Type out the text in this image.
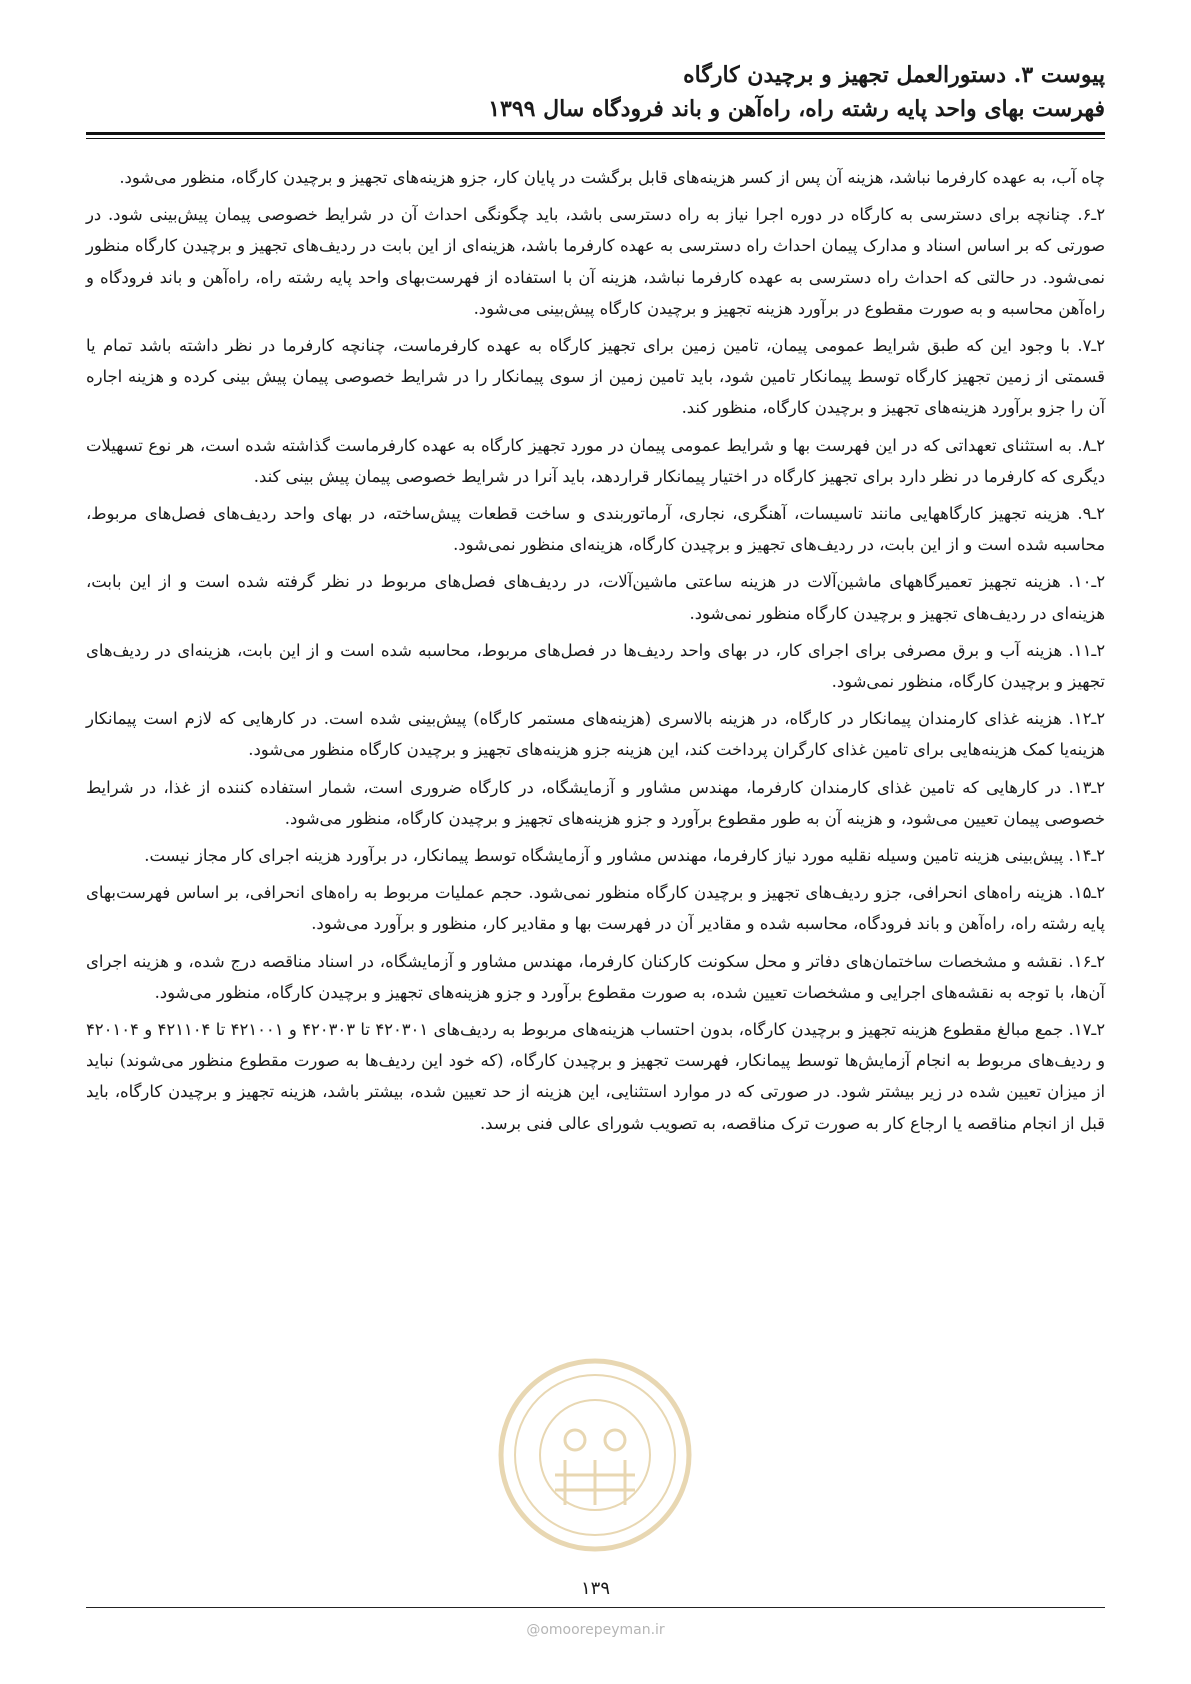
پیوست ۳. دستورالعمل تجهیز و برچیدن کارگاه
فهرست بهای واحد پایه رشته راه، راه‌آهن و باند فرودگاه سال ۱۳۹۹

چاه آب، به عهده کارفرما نباشد، هزینه آن پس از کسر هزینه‌های قابل برگشت در پایان کار، جزو هزینه‌های تجهیز و برچیدن کارگاه، منظور می‌شود.

۲ـ۶. چنانچه برای دسترسی به کارگاه در دوره اجرا نیاز به راه دسترسی باشد، باید چگونگی احداث آن در شرایط خصوصی پیمان پیش‌بینی شود. در صورتی که بر اساس اسناد و مدارک پیمان احداث راه دسترسی به عهده کارفرما باشد، هزینه‌ای از این بابت در ردیف‌های تجهیز و برچیدن کارگاه منظور نمی‌شود. در حالتی که احداث راه دسترسی به عهده کارفرما نباشد، هزینه آن با استفاده از فهرست‌بهای واحد پایه رشته راه، راه‌آهن و باند فرودگاه و راه‌آهن محاسبه و به صورت مقطوع در برآورد هزینه تجهیز و برچیدن کارگاه پیش‌بینی می‌شود.

۲ـ۷. با وجود این که طبق شرایط عمومی پیمان، تامین زمین برای تجهیز کارگاه به عهده کارفرماست، چنانچه کارفرما در نظر داشته باشد تمام یا قسمتی از زمین تجهیز کارگاه توسط پیمانکار تامین شود، باید تامین زمین از سوی پیمانکار را در شرایط خصوصی پیمان پیش بینی کرده و هزینه اجاره آن را جزو برآورد هزینه‌های تجهیز و برچیدن کارگاه، منظور کند.

۲ـ۸. به استثنای تعهداتی که در این فهرست بها و شرایط عمومی پیمان در مورد تجهیز کارگاه به عهده کارفرماست گذاشته شده است، هر نوع تسهیلات دیگری که کارفرما در نظر دارد برای تجهیز کارگاه در اختیار پیمانکار قراردهد، باید آنرا در شرایط خصوصی پیمان پیش بینی کند.

۲ـ۹. هزینه تجهیز کارگاههایی مانند تاسیسات، آهنگری، نجاری، آرماتوربندی و ساخت قطعات پیش‌ساخته، در بهای واحد ردیف‌های فصل‌های مربوط، محاسبه شده است و از این بابت، در ردیف‌های تجهیز و برچیدن کارگاه، هزینه‌ای منظور نمی‌شود.

۲ـ۱۰. هزینه تجهیز تعمیرگاههای ماشین‌آلات در هزینه ساعتی ماشین‌آلات، در ردیف‌های فصل‌های مربوط در نظر گرفته شده است و از این بابت، هزینه‌ای در ردیف‌های تجهیز و برچیدن کارگاه منظور نمی‌شود.

۲ـ۱۱. هزینه آب و برق مصرفی برای اجرای کار، در بهای واحد ردیف‌ها در فصل‌های مربوط، محاسبه شده است و از این بابت، هزینه‌ای در ردیف‌های تجهیز و برچیدن کارگاه، منظور نمی‌شود.

۲ـ۱۲. هزینه غذای کارمندان پیمانکار در کارگاه، در هزینه بالاسری (هزینه‌های مستمر کارگاه) پیش‌بینی شده است. در کارهایی که لازم است پیمانکار هزینه‌یا کمک هزینه‌هایی برای تامین غذای کارگران پرداخت کند، این هزینه جزو هزینه‌های تجهیز و برچیدن کارگاه منظور می‌شود.

۲ـ۱۳. در کارهایی که تامین غذای کارمندان کارفرما، مهندس مشاور و آزمایشگاه، در کارگاه ضروری است، شمار استفاده کننده از غذا، در شرایط خصوصی پیمان تعیین می‌شود، و هزینه آن به طور مقطوع برآورد و جزو هزینه‌های تجهیز و برچیدن کارگاه، منظور می‌شود.

۲ـ۱۴. پیش‌بینی هزینه تامین وسیله نقلیه مورد نیاز کارفرما، مهندس مشاور و آزمایشگاه توسط پیمانکار، در برآورد هزینه اجرای کار مجاز نیست.

۲ـ۱۵. هزینه راه‌های انحرافی، جزو ردیف‌های تجهیز و برچیدن کارگاه منظور نمی‌شود. حجم عملیات مربوط به راه‌های انحرافی، بر اساس فهرست‌بهای پایه رشته راه، راه‌آهن و باند فرودگاه، محاسبه شده و مقادیر آن در فهرست بها و مقادیر کار، منظور و برآورد می‌شود.

۲ـ۱۶. نقشه و مشخصات ساختمان‌های دفاتر و محل سکونت کارکنان کارفرما، مهندس مشاور و آزمایشگاه، در اسناد مناقصه درج شده، و هزینه اجرای آن‌ها، با توجه به نقشه‌های اجرایی و مشخصات تعیین شده، به صورت مقطوع برآورد و جزو هزینه‌های تجهیز و برچیدن کارگاه، منظور می‌شود.

۲ـ۱۷. جمع مبالغ مقطوع هزینه تجهیز و برچیدن کارگاه، بدون احتساب هزینه‌های مربوط به ردیف‌های ۴۲۰۳۰۱ تا ۴۲۰۳۰۳ و ۴۲۱۰۰۱ تا ۴۲۱۱۰۴ و ۴۲۰۱۰۴ و ردیف‌های مربوط به انجام آزمایش‌ها توسط پیمانکار، فهرست تجهیز و برچیدن کارگاه، (که خود این ردیف‌ها به صورت مقطوع منظور می‌شوند) نباید از میزان تعیین شده در زیر بیشتر شود. در صورتی که در موارد استثنایی، این هزینه از حد تعیین شده، بیشتر باشد، هزینه تجهیز و برچیدن کارگاه، باید قبل از انجام مناقصه یا ارجاع کار به صورت ترک مناقصه، به تصویب شورای عالی فنی برسد.

۱۳۹
@omoorepeyman.ir
